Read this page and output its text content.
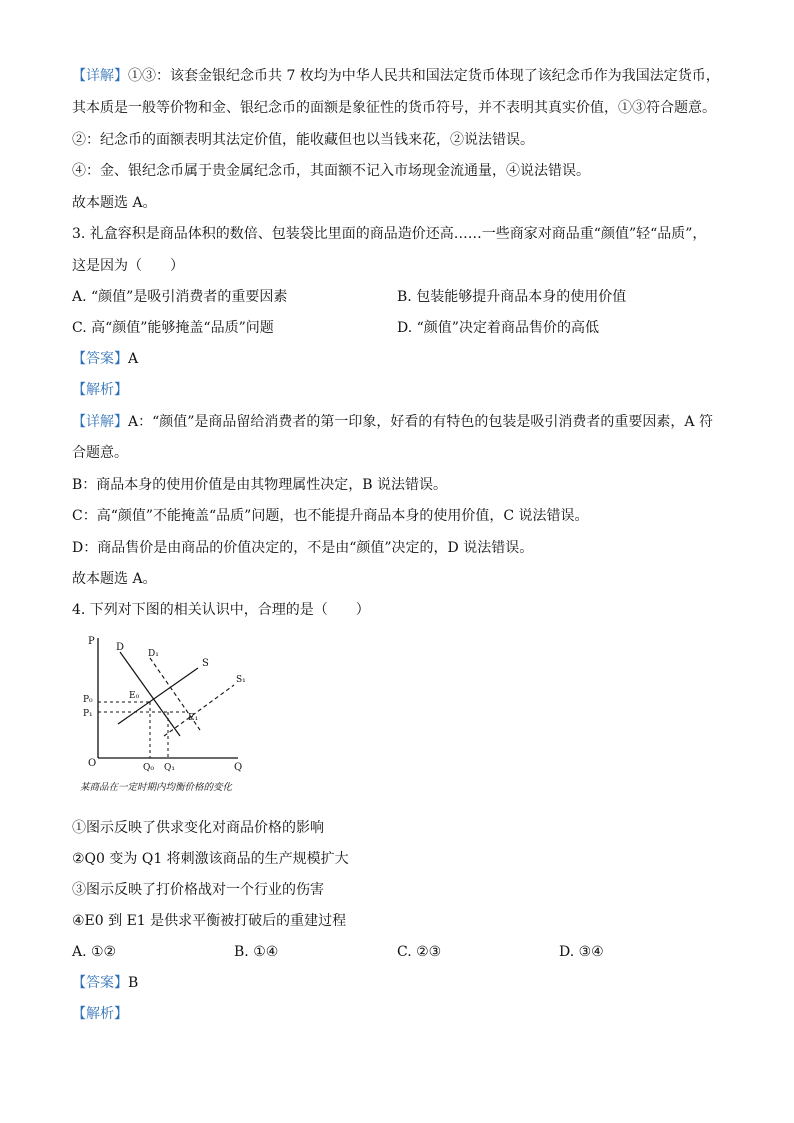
【详解】①③：该套金银纪念币共 7 枚均为中华人民共和国法定货币体现了该纪念币作为我国法定货币，
其本质是一般等价物和金、银纪念币的面额是象征性的货币符号，并不表明其真实价值，①③符合题意。
②：纪念币的面额表明其法定价值，能收藏但也以当钱来花，②说法错误。
④：金、银纪念币属于贵金属纪念币，其面额不记入市场现金流通量，④说法错误。
故本题选 A。
3. 礼盒容积是商品体积的数倍、包装袋比里面的商品造价还高……一些商家对商品重“颜值”轻“品质”，
这是因为（　　）
A. “颜值”是吸引消费者的重要因素	B. 包装能够提升商品本身的使用价值
C. 高“颜值”能够掩盖“品质”问题	D. “颜值”决定着商品售价的高低
【答案】A
【解析】
【详解】A：“颜值”是商品留给消费者的第一印象，好看的有特色的包装是吸引消费者的重要因素，A 符
合题意。
B：商品本身的使用价值是由其物理属性决定，B 说法错误。
C：高“颜值”不能掩盖“品质”问题，也不能提升商品本身的使用价值，C 说法错误。
D：商品售价是由商品的价值决定的，不是由“颜值”决定的，D 说法错误。
故本题选 A。
4. 下列对下图的相关认识中，合理的是（　　）
P
D
D₁
S
S₁
E₀
E₁
P₀
P₁
O	Q₀ Q₁	Q
某商品在一定时期内均衡价格的变化
①图示反映了供求变化对商品价格的影响
②Q0 变为 Q1 将刺激该商品的生产规模扩大
③图示反映了打价格战对一个行业的伤害
④E0 到 E1 是供求平衡被打破后的重建过程
A. ①②	B. ①④	C. ②③	D. ③④
【答案】B
【解析】
